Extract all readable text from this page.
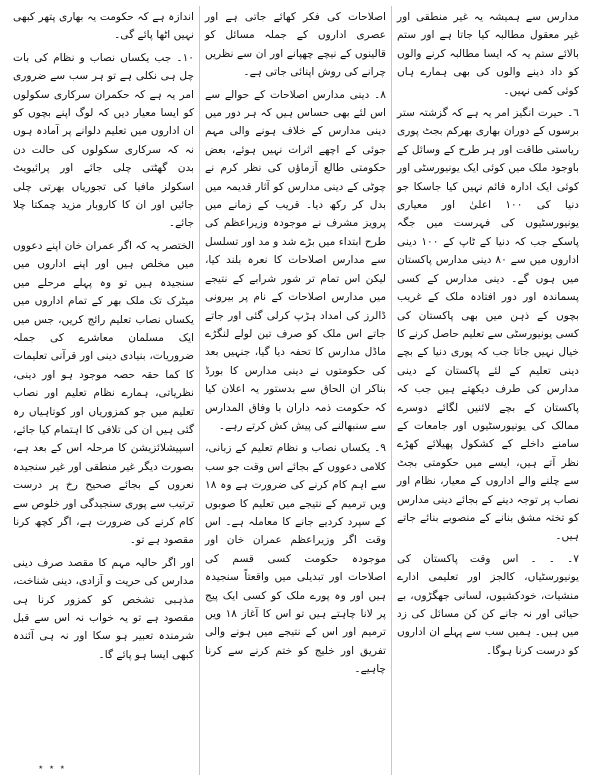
مدارس سے ہمیشہ یہ غیر منطقی اور غیر معقول مطالبہ کیا جاتا ہے اور ستم بالائے ستم یہ کہ ایسا مطالبہ کرنے والوں کو داد دینے والوں کی بھی ہمارے ہاں کوئی کمی نہیں۔

٦۔ حیرت انگیز امر یہ ہے کہ گزشتہ ستر برسوں کے دوران بھاری بھرکم بجٹ پوری ریاستی طاقت اور ہر طرح کے وسائل کے باوجود ملک میں کوئی ایک یونیورسٹی اور کوئی ایک ادارہ قائم نہیں کیا جاسکا جو دنیا کی ۱۰۰ اعلیٰ اور معیاری یونیورسٹیوں کی فہرست میں جگہ پاسکے جب کہ دنیا کے ٹاپ کے ۱۰۰ دینی اداروں میں سے ۸۰ دینی مدارس پاکستان میں ہوں گے۔ دینی مدارس کے کسی پسماندہ اور دور افتادہ ملک کے غریب بچوں کے ذہن میں بھی پاکستان کی کسی یونیورسٹی سے تعلیم حاصل کرنے کا خیال نہیں جاتا جب کہ پوری دنیا کے بچے دینی تعلیم کے لئے پاکستان کے دینی مدارس کی طرف دیکھتے ہیں جب کہ پاکستان کے بچے لائنیں لگائے دوسرے ممالک کی یونیورسٹیوں اور جامعات کے سامنے داخلے کے کشکول پھیلائے کھڑے نظر آتے ہیں، ایسے میں حکومتی بجٹ سے چلنے والے اداروں کے معیار، نظام اور نصاب پر توجہ دینے کے بجائے دینی مدارس کو تختہ مشق بنانے کے منصوبے بنائے جاتے ہیں۔

٧۔ ۔ ۔ اس وقت پاکستان کی یونیورسٹیاں، کالجز اور تعلیمی ادارے منشیات، خودکشیوں، لسانی جھگڑوں، بے حیائی اور نہ جانے کن کن مسائل کی زد میں ہیں۔ ہمیں سب سے پہلے ان اداروں کو درست کرنا ہوگا۔

اصلاحات کی فکر کھائے جاتی ہے اور عصری اداروں کے جملہ مسائل کو قالینوں کے نیچے چھپانے اور ان سے نظریں چرانے کی روش اپنائی جاتی ہے۔

٨۔ دینی مدارس اصلاحات کے حوالے سے اس لئے بھی حساس ہیں کہ ہر دور میں دینی مدارس کے خلاف ہونے والی مہم جوئی کے اچھے اثرات نہیں ہوئے، بعض حکومتی طالع آزماؤں کی نظر کرم نے چوٹی کے دینی مدارس کو آثار قدیمہ میں بدل کر رکھ دیا۔ قریب کے زمانے میں پرویز مشرف نے موجودہ وزیراعظم کی طرح ابتداء میں بڑے شد و مد اور تسلسل سے مدارس اصلاحات کا نعرہ بلند کیا، لیکن اس تمام تر شور شرابے کے نتیجے میں مدارس اصلاحات کے نام پر بیرونی ڈالرز کی امداد ہڑپ کرلی گئی اور جاتے جاتے اس ملک کو صرف تین لولے لنگڑے ماڈل مدارس کا تحفہ دیا گیا، جنہیں بعد کی حکومتوں نے دینی مدارس کا بورڈ بناکر ان الحاق سے بدستور یہ اعلان کیا کہ حکومت ذمہ داران با وفاق المدارس سے سنبھالنے کی پیش کش کرتے رہے۔

٩۔ یکساں نصاب و نظام تعلیم کے زبانی، کلامی دعووں کے بجائے اس وقت جو سب سے اہم کام کرنے کی ضرورت ہے وہ ۱۸ ویں ترمیم کے نتیجے میں تعلیم کا صوبوں کے سپرد کردیے جانے کا معاملہ ہے۔ اس وقت اگر وزیراعظم عمران خان اور موجودہ حکومت کسی قسم کی اصلاحات اور تبدیلی میں واقعتاً سنجیدہ ہیں اور وہ پورے ملک کو کسی ایک پیج پر لانا چاہتے ہیں تو اس کا آغاز ۱۸ ویں ترمیم اور اس کے نتیجے میں ہونے والی تفریق اور خلیج کو ختم کرنے سے کرنا چاہیے۔

اندازہ ہے کہ حکومت یہ بھاری پتھر کبھی نہیں اٹھا پائے گی۔

١٠۔ جب یکساں نصاب و نظام کی بات چل ہی نکلی ہے تو ہر سب سے ضروری امر یہ ہے کہ حکمران سرکاری سکولوں کو ایسا معیار دیں کہ لوگ اپنے بچوں کو ان اداروں میں تعلیم دلوانے پر آمادہ ہوں نہ کہ سرکاری سکولوں کی حالت دن بدن گھٹتی چلی جائے اور پرائیویٹ اسکولز مافیا کی تجوریاں بھرتی چلی جائیں اور ان کا کاروبار مزید چمکتا چلا جائے۔

الختصر یہ کہ اگر عمران خان اپنے دعووں میں مخلص ہیں اور اپنے اداروں میں سنجیدہ ہیں تو وہ پہلے مرحلے میں میٹرک تک ملک بھر کے تمام اداروں میں یکساں نصاب تعلیم رائج کریں، جس میں ایک مسلمان معاشرے کی جملہ ضروریات، بنیادی دینی اور قرآنی تعلیمات کا کما حقہ حصہ موجود ہو اور دینی، نظریاتی، ہمارے نظام تعلیم اور نصاب تعلیم میں جو کمزوریاں اور کوتاہیاں رہ گئی ہیں ان کی تلافی کا اہتمام کیا جائے، اسپیشلائزیشن کا مرحلہ اس کے بعد ہے، بصورت دیگر غیر منطقی اور غیر سنجیدہ نعروں کے بجائے صحیح رخ پر درست ترتیب سے پوری سنجیدگی اور خلوص سے کام کرنے کی ضرورت ہے، اگر کچھ کرنا مقصود ہے تو۔

اور اگر حالیہ مہم کا مقصد صرف دینی مدارس کی حریت و آزادی، دینی شناخت، مذہبی تشخص کو کمزور کرنا ہی مقصود ہے تو یہ خواب نہ اس سے قبل شرمندہ تعبیر ہو سکا اور نہ ہی آئندہ کبھی ایسا ہو پائے گا۔

٭ ٭ ٭
